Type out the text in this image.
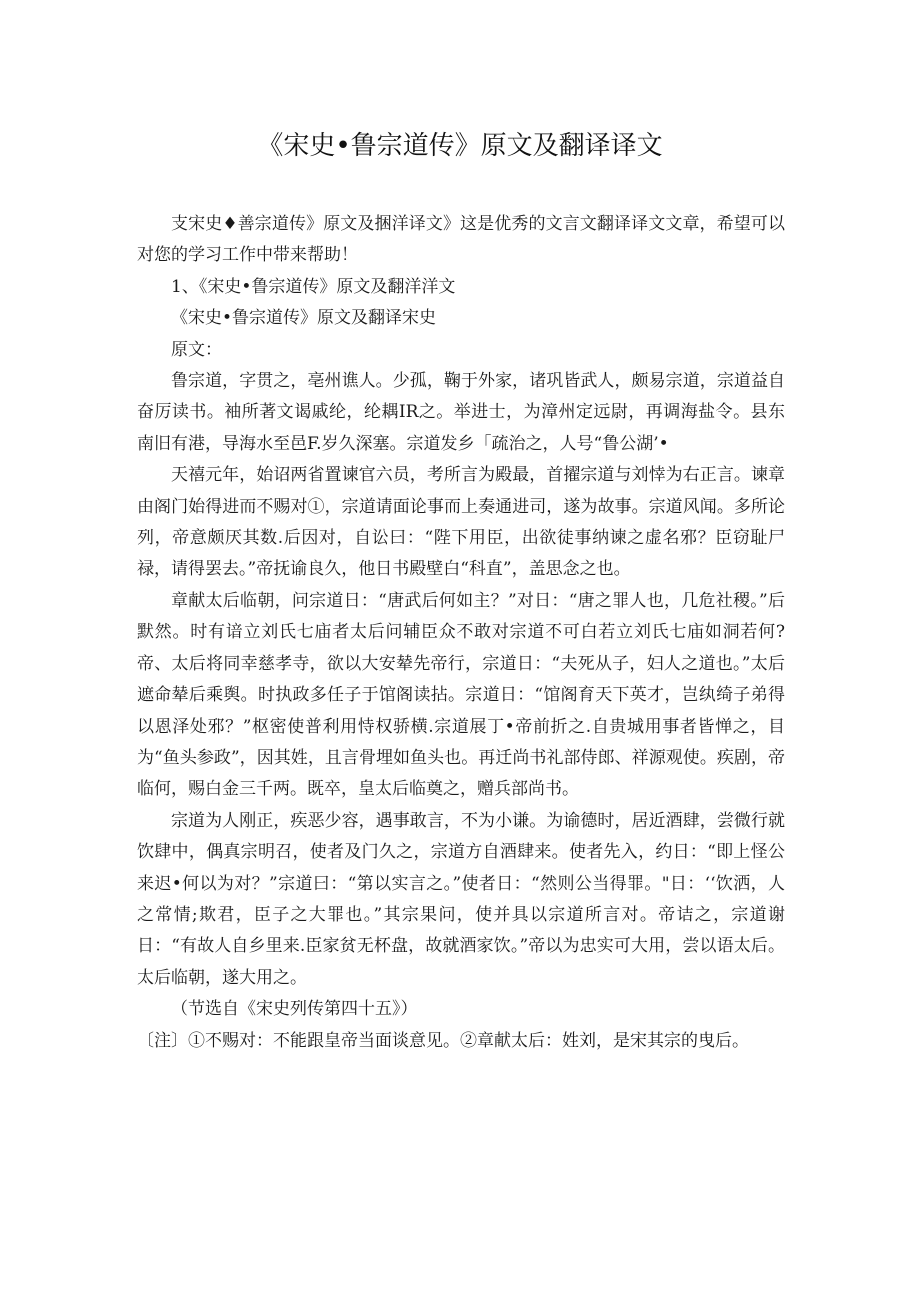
《宋史•鲁宗道传》原文及翻译译文

支宋史♦善宗道传》原文及捆洋译文》这是优秀的文言文翻译译文文章，希望可以对您的学习工作中带来帮助！

1、《宋史•鲁宗道传》原文及翻洋洋文

《宋史•鲁宗道传》原文及翻译宋史

原文：

鲁宗道，字贯之，亳州谯人。少孤，鞠于外家，诸巩皆武人，颇易宗道，宗道益自奋厉读书。袖所著文谒戚纶，纶耦IR之。举进士，为漳州定远尉，再调海盐令。县东南旧有港，导海水至邑F.岁久深塞。宗道发乡「疏治之，人号“鲁公湖’•

天禧元年，始诏两省置谏官六员，考所言为殿最，首擢宗道与刘悻为右正言。谏章由阁门始得进而不赐对①，宗道请面论事而上奏通进司，遂为故事。宗道风闻。多所论列，帝意颇厌其数.后因对，自讼曰：“陛下用臣，出欲徒事纳谏之虚名邪？臣窃耻尸禄，请得罢去。”帝抚谕良久，他日书殿壁白“科直”，盖思念之也。

章献太后临朝，问宗道日：“唐武后何如主？”对日：“唐之罪人也，几危社稷。”后默然。时有谙立刘氏七庙者太后问辅臣众不敢对宗道不可白若立刘氏七庙如洞若何?帝、太后将同幸慈孝寺，欲以大安辇先帝行，宗道日：“夫死从子，妇人之道也。”太后遮命辇后乘舆。时执政多任子于馆阁读拈。宗道日：“馆阁育天下英才，岂纨绮子弟得以恩泽处邪？”枢密使普利用恃权骄横.宗道展丁•帝前折之.自贵城用事者皆惮之，目为“鱼头参政”，因其姓，且言骨埋如鱼头也。再迁尚书礼部侍郎、祥源观使。疾剧，帝临何，赐白金三千两。既卒，皇太后临奠之，赠兵部尚书。

宗道为人刚正，疾恶少容，遇事敢言，不为小谦。为谕德时，居近酒肆，尝微行就饮肆中，偶真宗明召，使者及门久之，宗道方自酒肆来。使者先入，约日：“即上怪公来迟•何以为对？”宗道曰：“第以实言之。”使者日：“然则公当得罪。"日：‘‘饮洒，人之常情;欺君，臣子之大罪也。”其宗果问，使并具以宗道所言对。帝诘之，宗道谢日：“有故人自乡里来.臣家贫无杯盘，故就酒家饮。”帝以为忠实可大用，尝以语太后。太后临朝，遂大用之。

（节选自《宋史列传第四十五》）

〔注〕①不赐对：不能跟皇帝当面谈意见。②章献太后：姓刘，是宋其宗的曳后。
